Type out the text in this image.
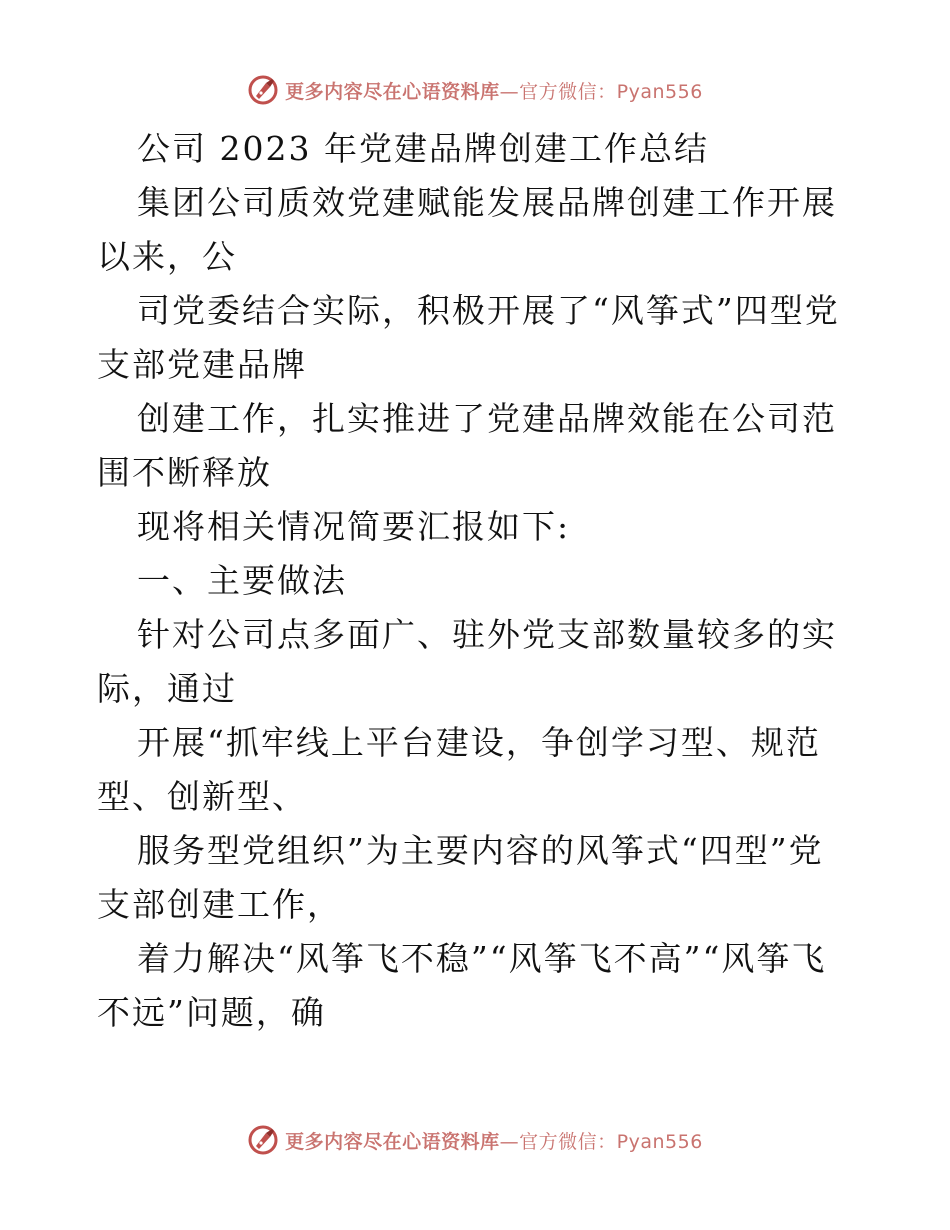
更多内容尽在心语资料库—官方微信：Pyan556

公司 2023 年党建品牌创建工作总结

集团公司质效党建赋能发展品牌创建工作开展以来，公

司党委结合实际，积极开展了“风筝式”四型党支部党建品牌

创建工作，扎实推进了党建品牌效能在公司范围不断释放

现将相关情况简要汇报如下:

一、主要做法

针对公司点多面广、驻外党支部数量较多的实际，通过

开展“抓牢线上平台建设，争创学习型、规范型、创新型、

服务型党组织”为主要内容的风筝式“四型”党支部创建工作，

着力解决“风筝飞不稳”“风筝飞不高”“风筝飞不远”问题，确

更多内容尽在心语资料库—官方微信：Pyan556
